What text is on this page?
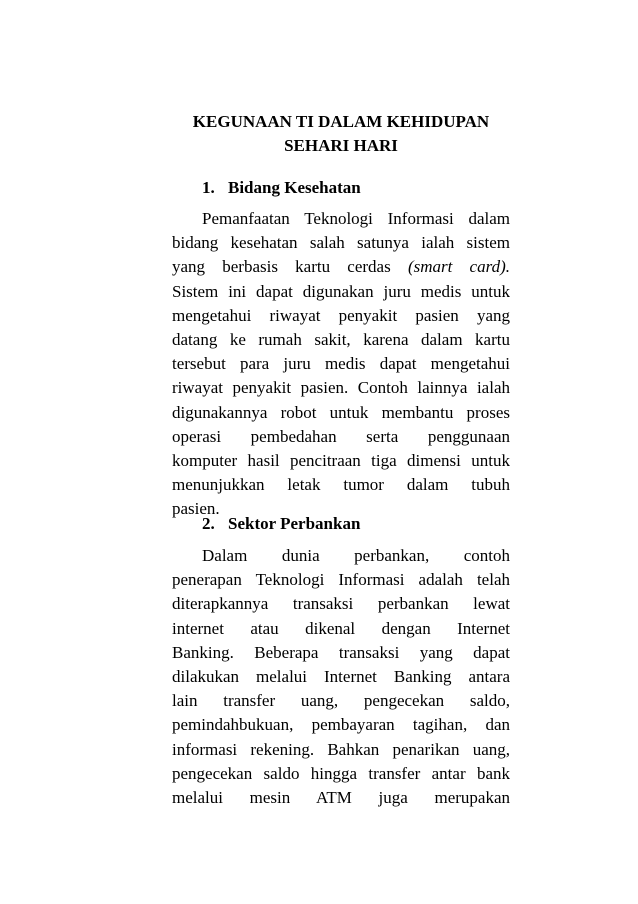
KEGUNAAN TI DALAM KEHIDUPAN
SEHARI HARI
1. Bidang Kesehatan
Pemanfaatan Teknologi Informasi dalam
bidang kesehatan salah satunya ialah sistem
yang berbasis kartu cerdas (smart card).
Sistem ini dapat digunakan juru medis untuk
mengetahui riwayat penyakit pasien yang
datang ke rumah sakit, karena dalam kartu
tersebut para juru medis dapat mengetahui
riwayat penyakit pasien. Contoh lainnya ialah
digunakannya robot untuk membantu proses
operasi pembedahan serta penggunaan
komputer hasil pencitraan tiga dimensi untuk
menunjukkan letak tumor dalam tubuh
pasien.
2. Sektor Perbankan
Dalam dunia perbankan, contoh
penerapan Teknologi Informasi adalah telah
diterapkannya transaksi perbankan lewat
internet atau dikenal dengan Internet
Banking. Beberapa transaksi yang dapat
dilakukan melalui Internet Banking antara
lain transfer uang, pengecekan saldo,
pemindahbukuan, pembayaran tagihan, dan
informasi rekening. Bahkan penarikan uang,
pengecekan saldo hingga transfer antar bank
melalui mesin ATM juga merupakan
